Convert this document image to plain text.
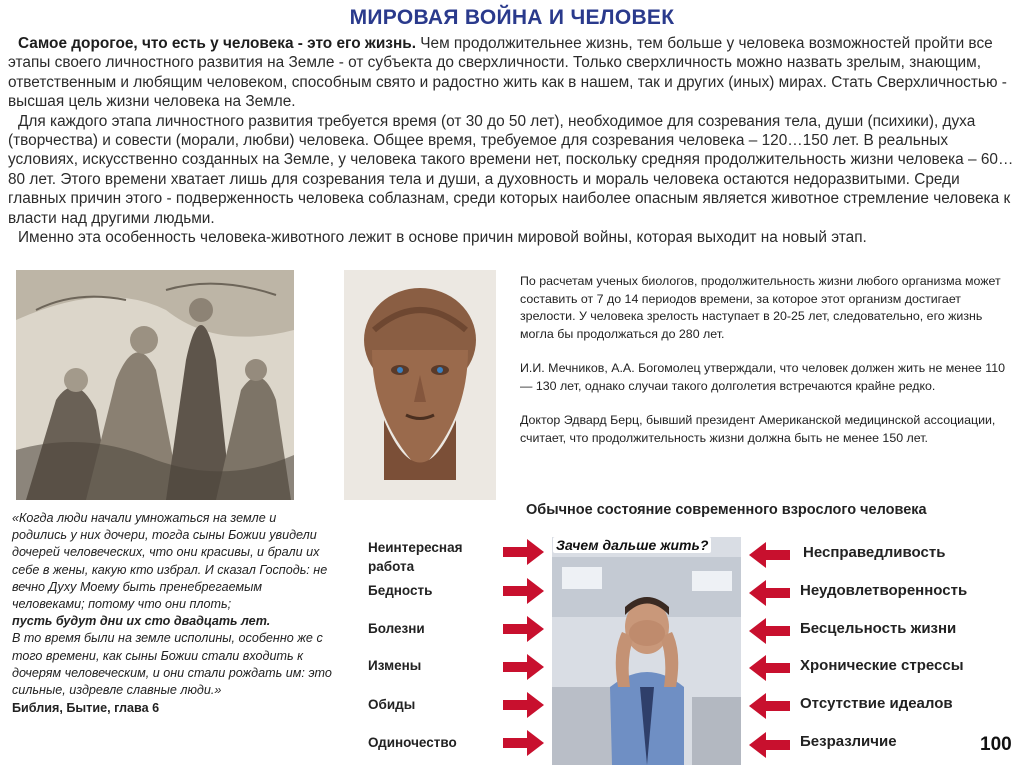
МИРОВАЯ ВОЙНА И ЧЕЛОВЕК

Самое дорогое, что есть у человека - это его жизнь. Чем продолжительнее жизнь, тем больше у человека возможностей пройти все этапы своего личностного развития на Земле - от субъекта до сверхличности. Только сверхличность можно назвать зрелым, знающим, ответственным и любящим человеком, способным свято и радостно жить как в нашем, так и других (иных) мирах. Стать Сверхличностью - высшая цель жизни человека на Земле.

Для каждого этапа личностного развития требуется время (от 30 до 50 лет), необходимое для созревания тела, души (психики), духа (творчества) и совести (морали, любви) человека. Общее время, требуемое для созревания человека – 120…150 лет. В реальных условиях, искусственно созданных на Земле, у человека такого времени нет, поскольку средняя продолжительность жизни человека – 60…80 лет. Этого времени хватает лишь для созревания тела и души, а духовность и мораль человека остаются недоразвитыми. Среди главных причин этого - подверженность человека соблазнам, среди которых наиболее опасным является животное стремление человека к власти над другими людьми.

Именно эта особенность человека-животного лежит в основе причин мировой войны, которая выходит на новый этап.

По расчетам ученых биологов, продолжительность жизни любого организма может составить от 7 до 14 периодов времени, за которое этот организм достигает зрелости. У человека зрелость наступает в 20-25 лет, следовательно, его жизнь могла бы продолжаться до 280 лет.

И.И. Мечников, А.А. Богомолец утверждали, что человек должен жить не менее 110 — 130 лет, однако случаи такого долголетия встречаются крайне редко.

Доктор Эдвард Берц, бывший президент Американской медицинской ассоциации, считает, что продолжительность жизни должна быть не менее 150 лет.

«Когда люди начали умножаться на земле и родились у них дочери, тогда сыны Божии увидели дочерей человеческих, что они красивы, и брали их себе в жены, какую кто избрал. И сказал Господь: не вечно Духу Моему быть пренебрегаемым человеками; потому что они плоть;
пусть будут дни их сто двадцать лет.
В то время были на земле исполины, особенно же с того времени, как сыны Божии стали входить к дочерям человеческим, и они стали рождать им: это сильные, издревле славные люди.»
Библия, Бытие, глава 6
Обычное состояние современного взрослого человека
Неинтересная работа
Бедность
Болезни
Измены
Обиды
Одиночество
Зачем дальше жить?	Несправедливость
Неудовлетворенность
Бесцельность жизни
Хронические стрессы
Отсутствие идеалов
Безразличие	100
